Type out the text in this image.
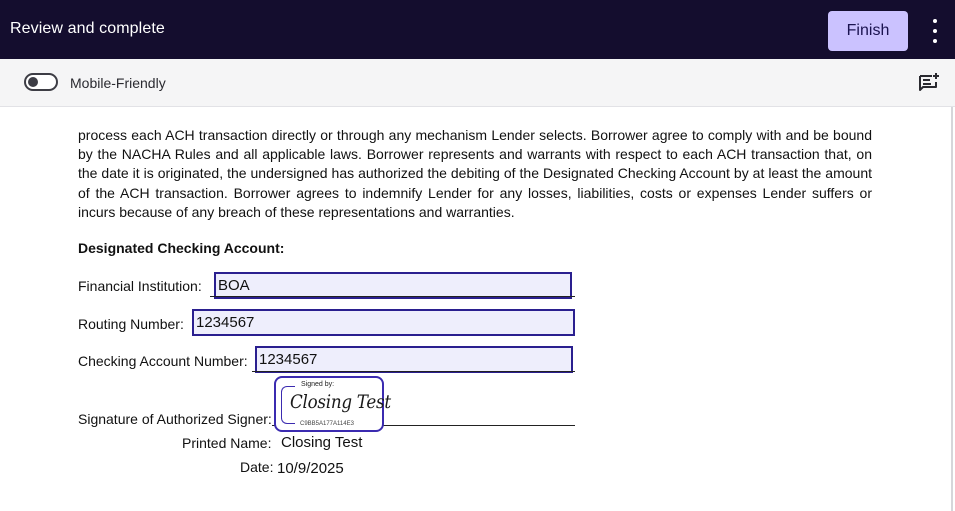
Review and complete	Finish
Mobile-Friendly

process each ACH transaction directly or through any mechanism Lender selects. Borrower agree to comply with and be bound by the NACHA Rules and all applicable laws. Borrower represents and warrants with respect to each ACH transaction that, on the date it is originated, the undersigned has authorized the debiting of the Designated Checking Account by at least the amount of the ACH transaction. Borrower agrees to indemnify Lender for any losses, liabilities, costs or expenses Lender suffers or incurs because of any breach of these representations and warranties.

Designated Checking Account:
Financial Institution:
BOA
Routing Number:
1234567
Checking Account Number:
1234567
Signature of Authorized Signer:
Signed by:
Closing Test
C9BB5A177A114E3
Printed Name: Closing Test
Date: 10/9/2025
